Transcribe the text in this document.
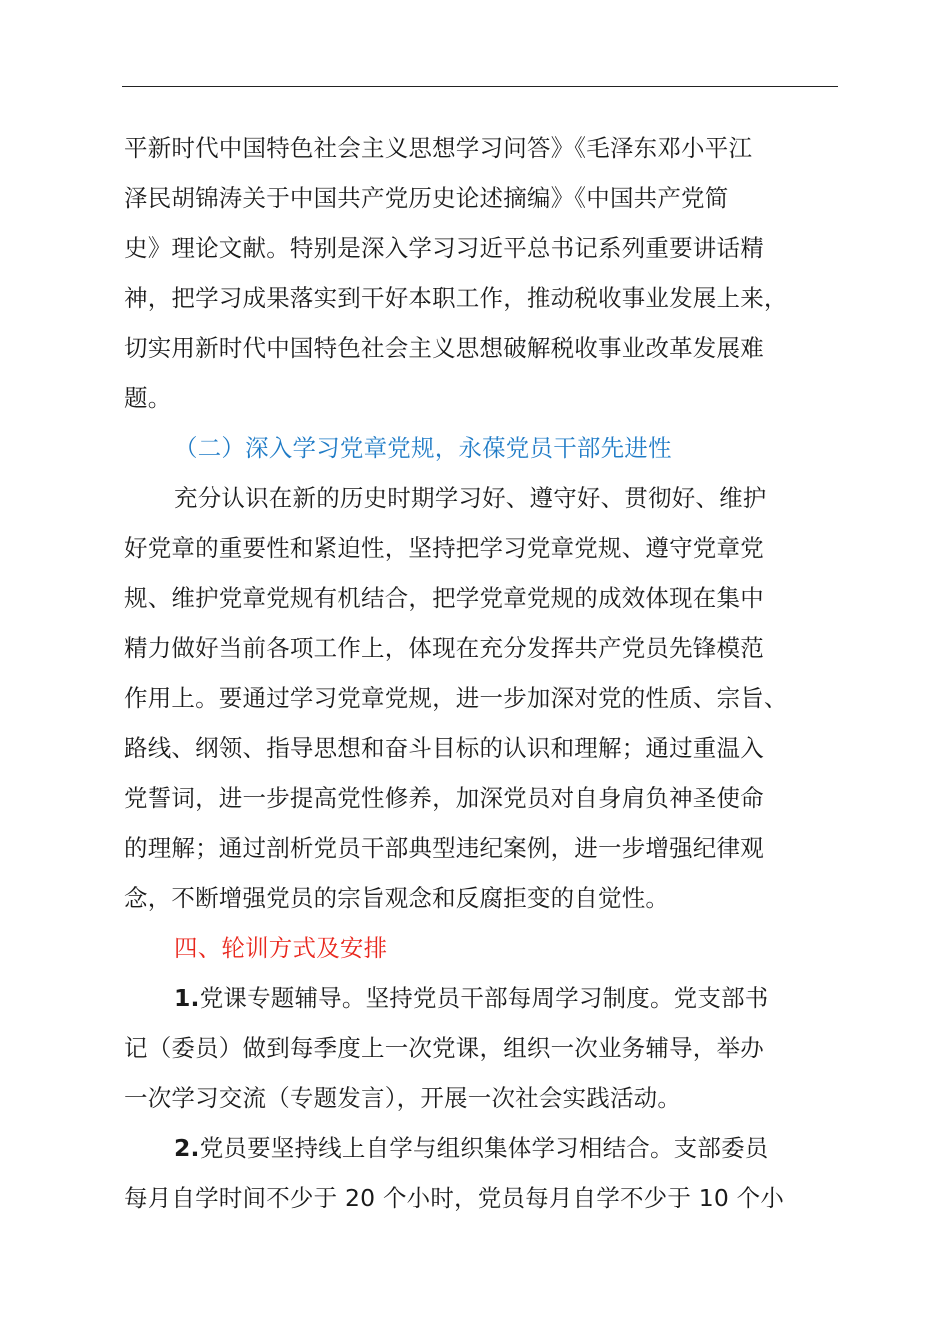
平新时代中国特色社会主义思想学习问答》《毛泽东邓小平江
泽民胡锦涛关于中国共产党历史论述摘编》《中国共产党简
史》理论文献。特别是深入学习习近平总书记系列重要讲话精
神，把学习成果落实到干好本职工作，推动税收事业发展上来，
切实用新时代中国特色社会主义思想破解税收事业改革发展难
题。
（二）深入学习党章党规，永葆党员干部先进性
充分认识在新的历史时期学习好、遵守好、贯彻好、维护
好党章的重要性和紧迫性，坚持把学习党章党规、遵守党章党
规、维护党章党规有机结合，把学党章党规的成效体现在集中
精力做好当前各项工作上，体现在充分发挥共产党员先锋模范
作用上。要通过学习党章党规，进一步加深对党的性质、宗旨、
路线、纲领、指导思想和奋斗目标的认识和理解；通过重温入
党誓词，进一步提高党性修养，加深党员对自身肩负神圣使命
的理解；通过剖析党员干部典型违纪案例，进一步增强纪律观
念，不断增强党员的宗旨观念和反腐拒变的自觉性。
四、轮训方式及安排
1.党课专题辅导。坚持党员干部每周学习制度。党支部书
记（委员）做到每季度上一次党课，组织一次业务辅导，举办
一次学习交流（专题发言），开展一次社会实践活动。
2.党员要坚持线上自学与组织集体学习相结合。支部委员
每月自学时间不少于 20 个小时，党员每月自学不少于 10 个小
